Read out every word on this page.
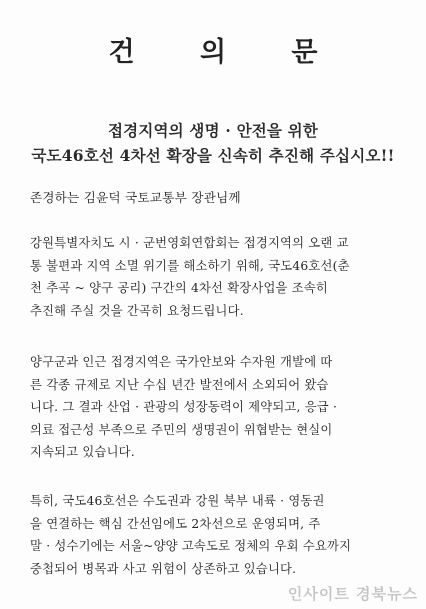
건 의 문
접경지역의 생명 · 안전을 위한
국도46호선 4차선 확장을 신속히 추진해 주십시오!!
존경하는 김윤덕 국토교통부 장관님께
강원특별자치도 시 · 군번영회연합회는 접경지역의 오랜 교
통 불편과 지역 소멸 위기를 해소하기 위해, 국도46호선(춘
천 추곡 ~ 양구 공리) 구간의 4차선 확장사업을 조속히
추진해 주실 것을 간곡히 요청드립니다.
양구군과 인근 접경지역은 국가안보와 수자원 개발에 따
른 각종 규제로 지난 수십 년간 발전에서 소외되어 왔습
니다. 그 결과 산업 · 관광의 성장동력이 제약되고, 응급 ·
의료 접근성 부족으로 주민의 생명권이 위협받는 현실이
지속되고 있습니다.
특히, 국도46호선은 수도권과 강원 북부 내륙 · 영동권
을 연결하는 핵심 간선임에도 2차선으로 운영되며, 주
말 · 성수기에는 서울~양양 고속도로 정체의 우회 수요까지
중첩되어 병목과 사고 위험이 상존하고 있습니다.
인사이트 경북뉴스
